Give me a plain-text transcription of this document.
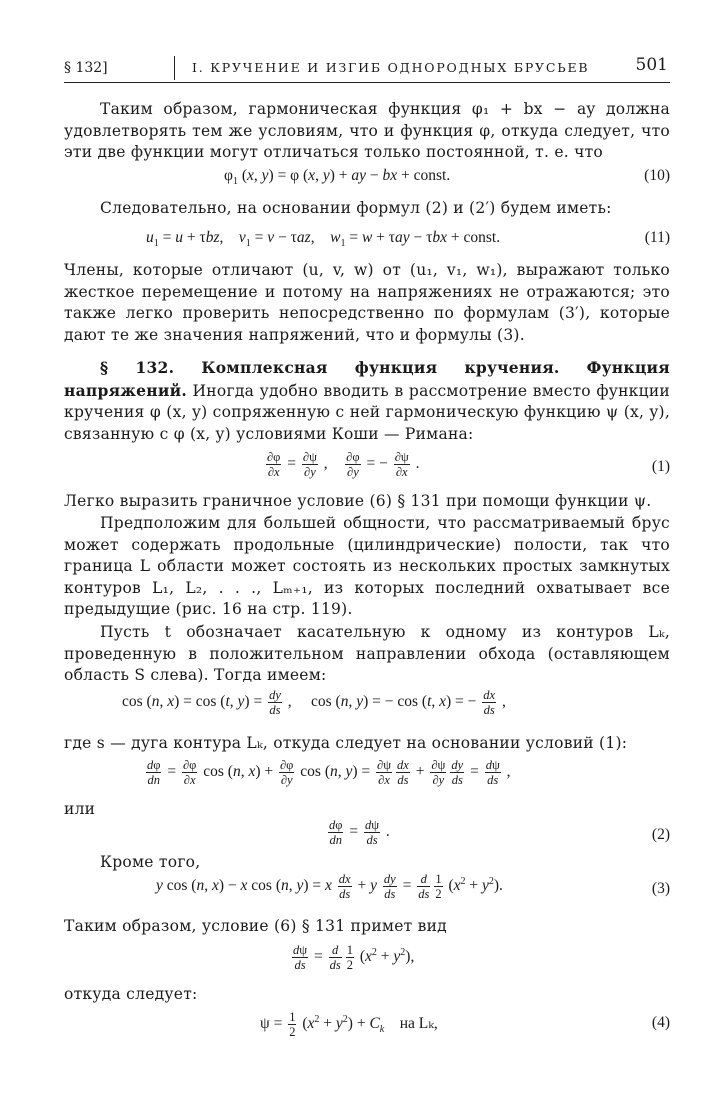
§ 132]	I. КРУЧЕНИЕ И ИЗГИБ ОДНОРОДНЫХ БРУСЬЕВ	501
Таким образом, гармоническая функция φ₁ + bx − ay должна удовлетворять тем же условиям, что и функция φ, откуда следует, что эти две функции могут отличаться только постоянной, т. е. что
$\varphi_1$ (x, y) = φ (x, y) + ay − bx + const.	(10)
Следовательно, на основании формул (2) и (2′) будем иметь:
$u_1 = u + \tau bz$,    $v_1 = v - \tau az$,    $w_1 = w + \tau ay - \tau bx$ + const.	(11)
Члены, которые отличают (u, v, w) от (u₁, v₁, w₁), выражают только жесткое перемещение и потому на напряжениях не отражаются; это также легко проверить непосредственно по формулам (3′), которые дают те же значения напряжений, что и формулы (3).
§ 132. Комплексная функция кручения. Функция напряжений. Иногда удобно вводить в рассмотрение вместо функции кручения φ (x, y) сопряженную с ней гармоническую функцию ψ (x, y), связанную с φ (x, y) условиями Коши — Римана:
$\frac{\partial\varphi}{\partial x} = \frac{\partial\psi}{\partial y}$ , $\frac{\partial\varphi}{\partial y}$ = − $\frac{\partial\psi}{\partial x}$ .	(1)
Легко выразить граничное условие (6) § 131 при помощи функции ψ.
Предположим для большей общности, что рассматриваемый брус может содержать продольные (цилиндрические) полости, так что граница L области может состоять из нескольких простых замкнутых контуров L₁, L₂, . . ., Lₘ₊₁, из которых последний охватывает все предыдущие (рис. 16 на стр. 119).
Пусть t обозначает касательную к одному из контуров Lₖ, проведенную в положительном направлении обхода (оставляющем область S слева). Тогда имеем:
cos (n, x) = cos (t, $y) = \frac{dy}{ds}$ ,     cos (n, y) = − cos (t, x) = − $\frac{dx}{ds}$ ,
где s — дуга контура Lₖ, откуда следует на основании условий (1):
$\frac{d\varphi}{dn} = \frac{\partial\varphi}{\partial x}$ cos (n, $x) + \frac{\partial\varphi}{\partial y}$ cos (n, $y) = \frac{\partial\psi}{\partial x} \frac{dx}{ds} + \frac{\partial\psi}{\partial y} \frac{dy}{ds} = \frac{d\psi}{ds}$ ,
или
$\frac{d\varphi}{dn} = \frac{d\psi}{ds}$ .	(2)
Кроме того,
y cos (n, x) − x cos (n, y) = x $\frac{dx}{ds} + y \frac{dy}{ds} = \frac{d}{ds} \frac{1}{2} (x^2 + y^2)$.	(3)
Таким образом, условие (6) § 131 примет вид
$\frac{d\psi}{ds} = \frac{d}{ds} \frac{1}{2} (x^2 + y^2)$,
откуда следует:
$\psi = \frac{1}{2} (x^2 + y^2) + C_k$ на Lₖ,	(4)
